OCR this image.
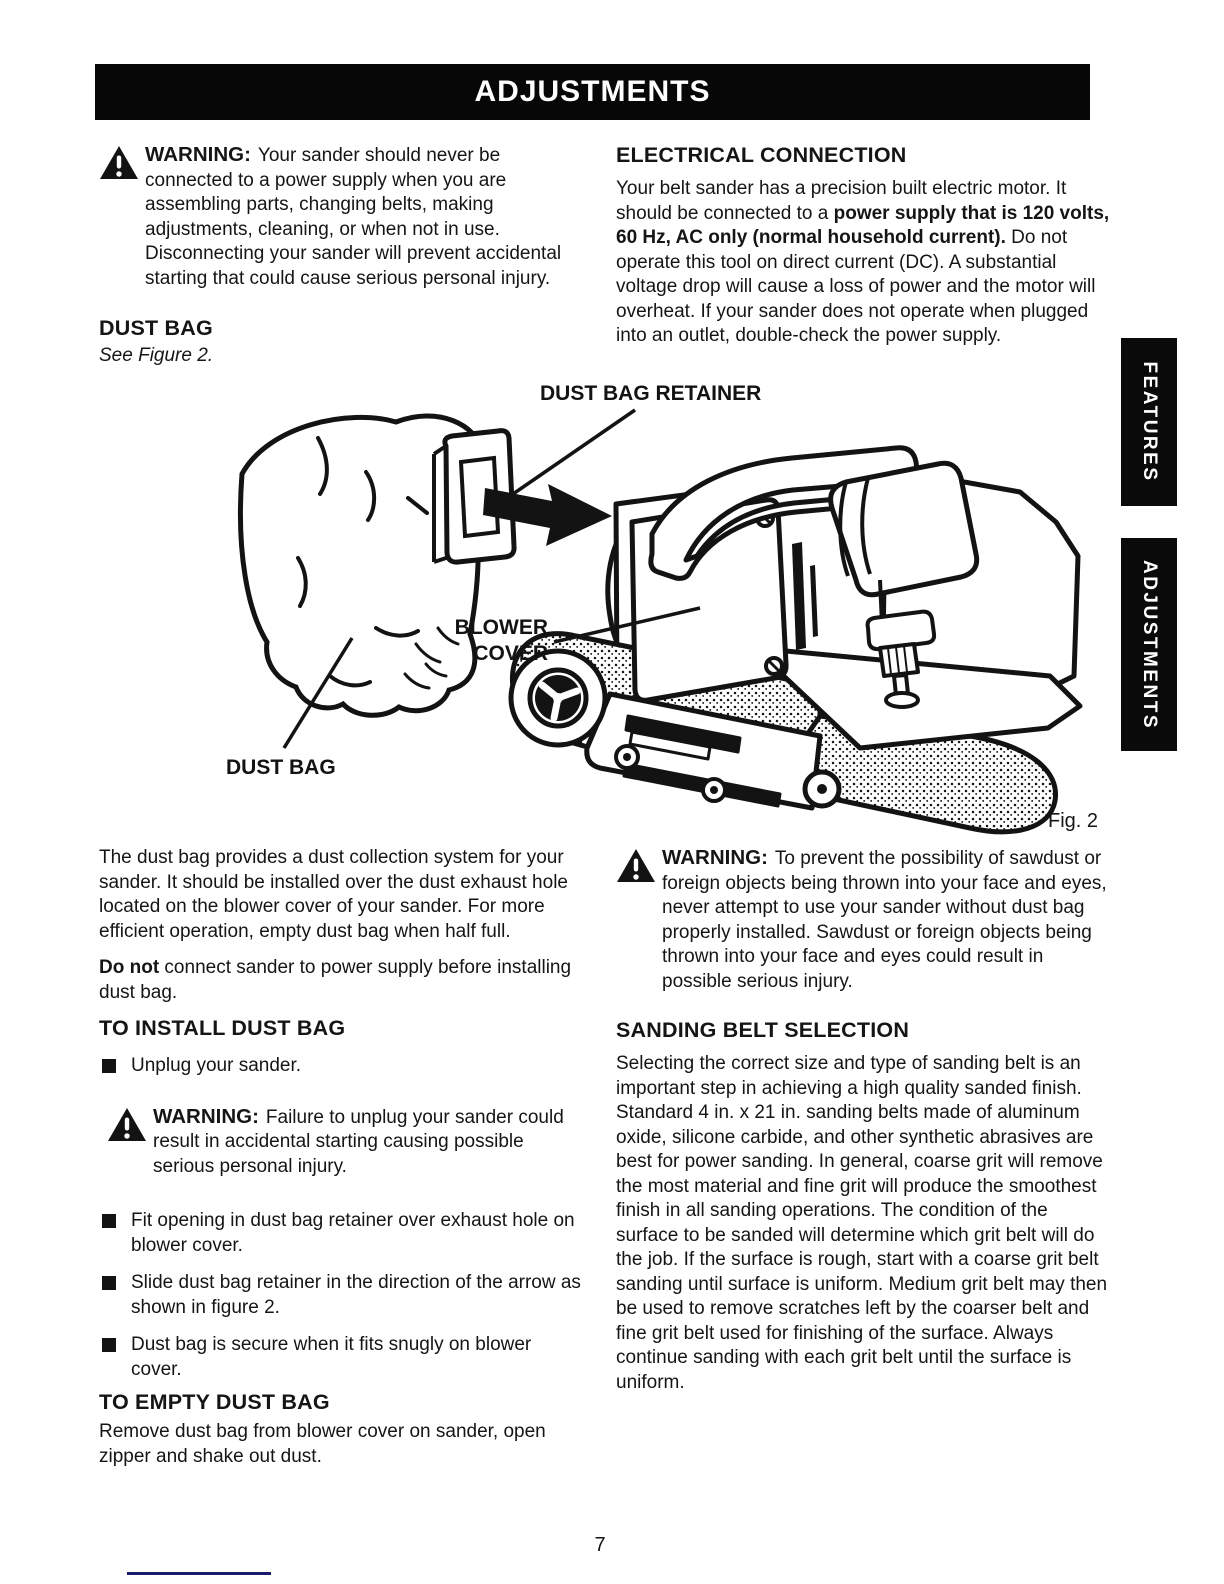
ADJUSTMENTS

WARNING: Your sander should never be connected to a power supply when you are assembling parts, changing belts, making adjustments, cleaning, or when not in use. Disconnecting your sander will prevent accidental starting that could cause serious personal injury.

DUST BAG

See Figure 2.

ELECTRICAL CONNECTION

Your belt sander has a precision built electric motor. It should be connected to a power supply that is 120 volts, 60 Hz, AC only (normal household current). Do not operate this tool on direct current (DC). A substantial voltage drop will cause a loss of power and the motor will overheat. If your sander does not operate when plugged into an outlet, double-check the power supply.

DUST BAG RETAINER
BLOWER
COVER
DUST BAG
Fig. 2
FEATURES
ADJUSTMENTS

The dust bag provides a dust collection system for your sander. It should be installed over the dust exhaust hole located on the blower cover of your sander. For more efficient operation, empty dust bag when half full.

Do not connect sander to power supply before installing dust bag.

TO INSTALL DUST BAG

Unplug your sander.

WARNING: Failure to unplug your sander could result in accidental starting causing possible serious personal injury.

Fit opening in dust bag retainer over exhaust hole on blower cover.

Slide dust bag retainer in the direction of the arrow as shown in figure 2.

Dust bag is secure when it fits snugly on blower cover.

TO EMPTY DUST BAG

Remove dust bag from blower cover on sander, open zipper and shake out dust.

WARNING: To prevent the possibility of sawdust or foreign objects being thrown into your face and eyes, never attempt to use your sander without dust bag properly installed. Sawdust or foreign objects being thrown into your face and eyes could result in possible serious injury.

SANDING BELT SELECTION

Selecting the correct size and type of sanding belt is an important step in achieving a high quality sanded finish. Standard 4 in. x 21 in. sanding belts made of aluminum oxide, silicone carbide, and other synthetic abrasives are best for power sanding. In general, coarse grit will remove the most material and fine grit will produce the smoothest finish in all sanding operations. The condition of the surface to be sanded will determine which grit belt will do the job. If the surface is rough, start with a coarse grit belt sanding until surface is uniform. Medium grit belt may then be used to remove scratches left by the coarser belt and fine grit belt used for finishing of the surface. Always continue sanding with each grit belt until the surface is uniform.

7
